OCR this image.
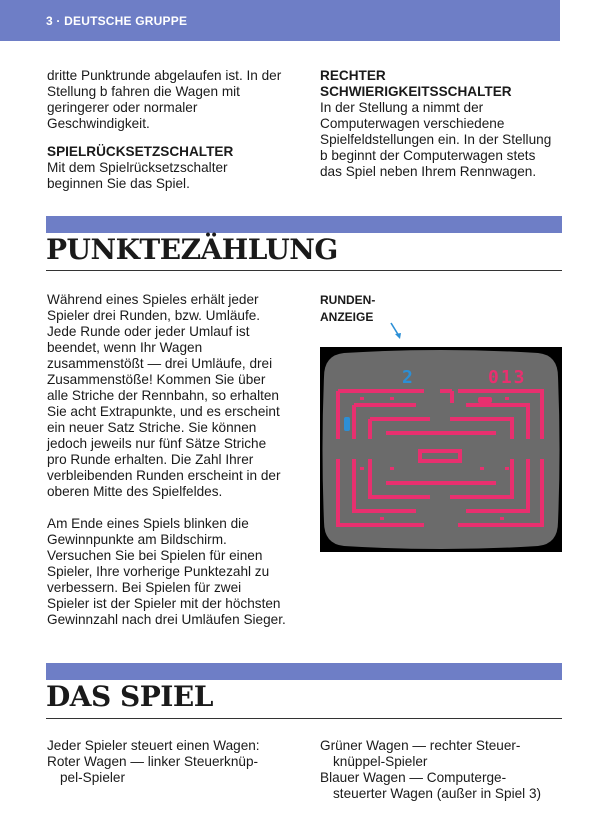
3 · DEUTSCHE GRUPPE

dritte Punktrunde abgelaufen ist. In der Stellung b fahren die Wagen mit geringerer oder normaler Geschwindigkeit.

SPIELRÜCKSETZSCHALTER
Mit dem Spielrücksetzschalter beginnen Sie das Spiel.
RECHTER SCHWIERIGKEITSSCHALTER
In der Stellung a nimmt der Computerwagen verschiedene Spielfeldstellungen ein. In der Stellung b beginnt der Computerwagen stets das Spiel neben Ihrem Rennwagen.
PUNKTEZÄHLUNG

Während eines Spieles erhält jeder Spieler drei Runden, bzw. Umläufe. Jede Runde oder jeder Umlauf ist beendet, wenn Ihr Wagen zusammenstößt — drei Umläufe, drei Zusammenstöße! Kommen Sie über alle Striche der Rennbahn, so erhalten Sie acht Extrapunkte, und es erscheint ein neuer Satz Striche. Sie können jedoch jeweils nur fünf Sätze Striche pro Runde erhalten. Die Zahl Ihrer verbleibenden Runden erscheint in der oberen Mitte des Spielfeldes.

Am Ende eines Spiels blinken die Gewinnpunkte am Bildschirm. Versuchen Sie bei Spielen für einen Spieler, Ihre vorherige Punktezahl zu verbessern. Bei Spielen für zwei Spieler ist der Spieler mit der höchsten Gewinnzahl nach drei Umläufen Sieger.

RUNDEN-
ANZEIGE
2	013
DAS SPIEL
Jeder Spieler steuert einen Wagen:
Roter Wagen — linker Steuerknüp-
pel-Spieler
Grüner Wagen — rechter Steuer-
knüppel-Spieler
Blauer Wagen — Computerge-
steuerter Wagen (außer in Spiel 3)
